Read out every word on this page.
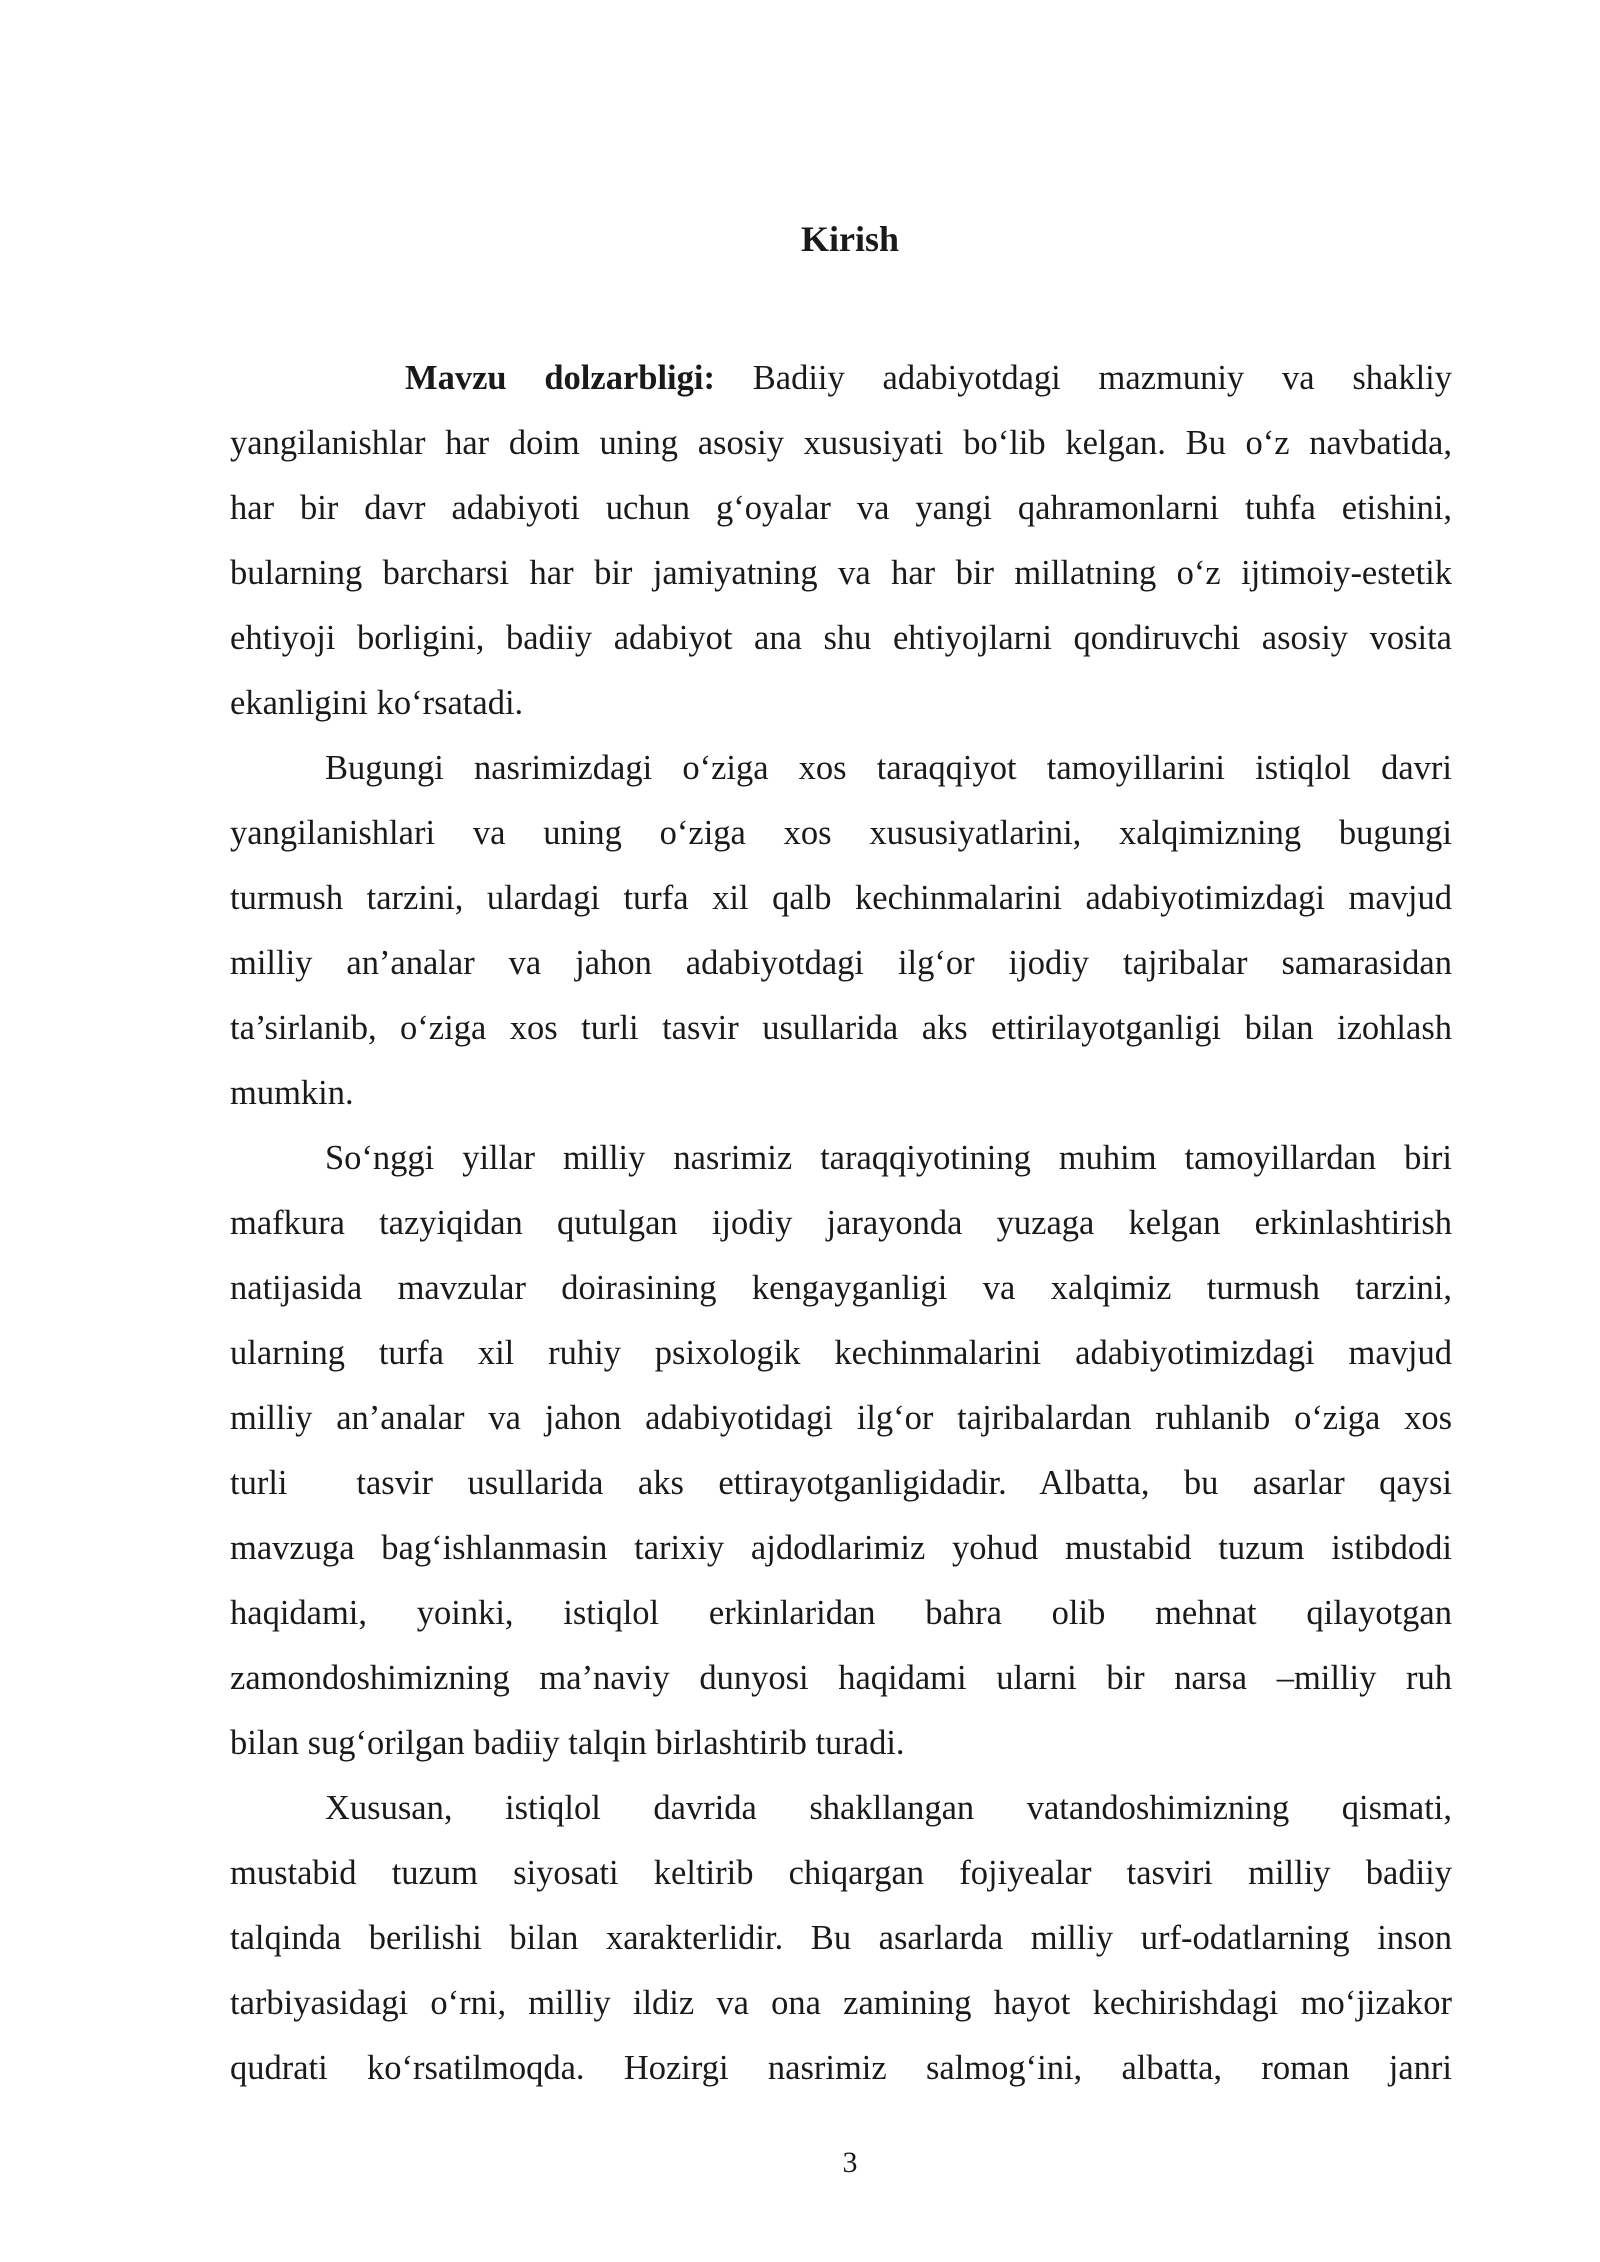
Kirish

Mavzu dolzarbligi: Badiiy adabiyotdagi mazmuniy va shakliy
yangilanishlar har doim uning asosiy xususiyati bo‘lib kelgan. Bu o‘z navbatida,
har bir davr adabiyoti uchun g‘oyalar va yangi qahramonlarni tuhfa etishini,
bularning barcharsi har bir jamiyatning va har bir millatning o‘z ijtimoiy-estetik
ehtiyoji borligini, badiiy adabiyot ana shu ehtiyojlarni qondiruvchi asosiy vosita
ekanligini ko‘rsatadi.

Bugungi nasrimizdagi o‘ziga xos taraqqiyot tamoyillarini istiqlol davri
yangilanishlari va uning o‘ziga xos xususiyatlarini, xalqimizning bugungi
turmush tarzini, ulardagi turfa xil qalb kechinmalarini adabiyotimizdagi mavjud
milliy an’analar va jahon adabiyotdagi ilg‘or ijodiy tajribalar samarasidan
ta’sirlanib, o‘ziga xos turli tasvir usullarida aks ettirilayotganligi bilan izohlash
mumkin.

So‘nggi yillar milliy nasrimiz taraqqiyotining muhim tamoyillardan biri
mafkura tazyiqidan qutulgan ijodiy jarayonda yuzaga kelgan erkinlashtirish
natijasida mavzular doirasining kengayganligi va xalqimiz turmush tarzini,
ularning turfa xil ruhiy psixologik kechinmalarini adabiyotimizdagi mavjud
milliy an’analar va jahon adabiyotidagi ilg‘or tajribalardan ruhlanib o‘ziga xos
turli  tasvir usullarida aks ettirayotganligidadir. Albatta, bu asarlar qaysi
mavzuga bag‘ishlanmasin tarixiy ajdodlarimiz yohud mustabid tuzum istibdodi
haqidami, yoinki, istiqlol erkinlaridan bahra olib mehnat qilayotgan
zamondoshimizning ma’naviy dunyosi haqidami ularni bir narsa –milliy ruh
bilan sug‘orilgan badiiy talqin birlashtirib turadi.

Xususan, istiqlol davrida shakllangan vatandoshimizning qismati,
mustabid tuzum siyosati keltirib chiqargan fojiyealar tasviri milliy badiiy
talqinda berilishi bilan xarakterlidir. Bu asarlarda milliy urf-odatlarning inson
tarbiyasidagi o‘rni, milliy ildiz va ona zamining hayot kechirishdagi mo‘jizakor
qudrati ko‘rsatilmoqda. Hozirgi nasrimiz salmog‘ini, albatta, roman janri

3
